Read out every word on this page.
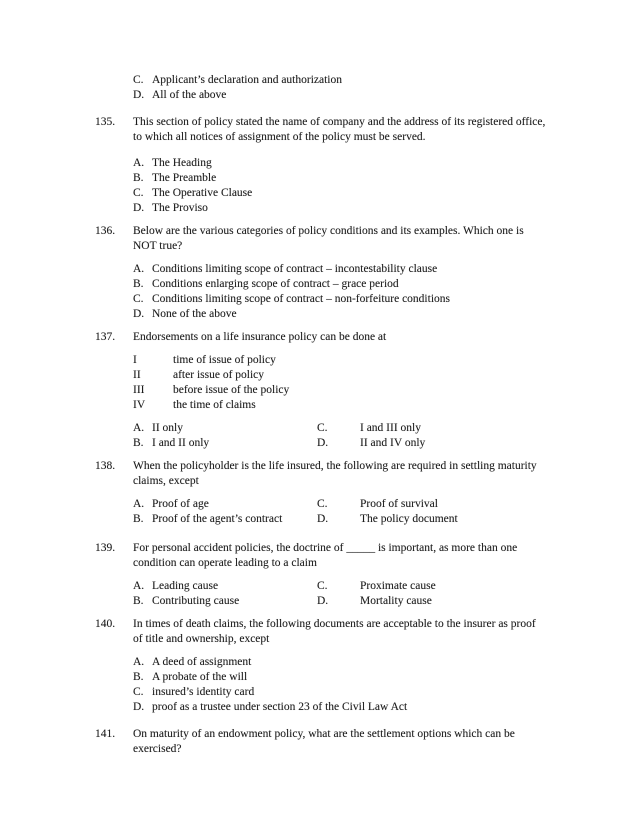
C. Applicant’s declaration and authorization
D. All of the above
135.	This section of policy stated the name of company and the address of its registered office,
to which all notices of assignment of the policy must be served.
A. The Heading
B. The Preamble
C. The Operative Clause
D. The Proviso
136.	Below are the various categories of policy conditions and its examples. Which one is
NOT true?
A. Conditions limiting scope of contract – incontestability clause
B. Conditions enlarging scope of contract – grace period
C. Conditions limiting scope of contract – non-forfeiture conditions
D. None of the above
137.	Endorsements on a life insurance policy can be done at
I	time of issue of policy
II	after issue of policy
III	before issue of the policy
IV	the time of claims
A. II only	C.	I and III only
B. I and II only	D.	II and IV only
138.	When the policyholder is the life insured, the following are required in settling maturity
claims, except
A. Proof of age	C.	Proof of survival
B. Proof of the agent’s contract	D.	The policy document
139.	For personal accident policies, the doctrine of _____ is important, as more than one
condition can operate leading to a claim
A. Leading cause	C.	Proximate cause
B. Contributing cause	D.	Mortality cause
140.	In times of death claims, the following documents are acceptable to the insurer as proof
of title and ownership, except
A. A deed of assignment
B. A probate of the will
C. insured’s identity card
D. proof as a trustee under section 23 of the Civil Law Act
141.	On maturity of an endowment policy, what are the settlement options which can be
exercised?
